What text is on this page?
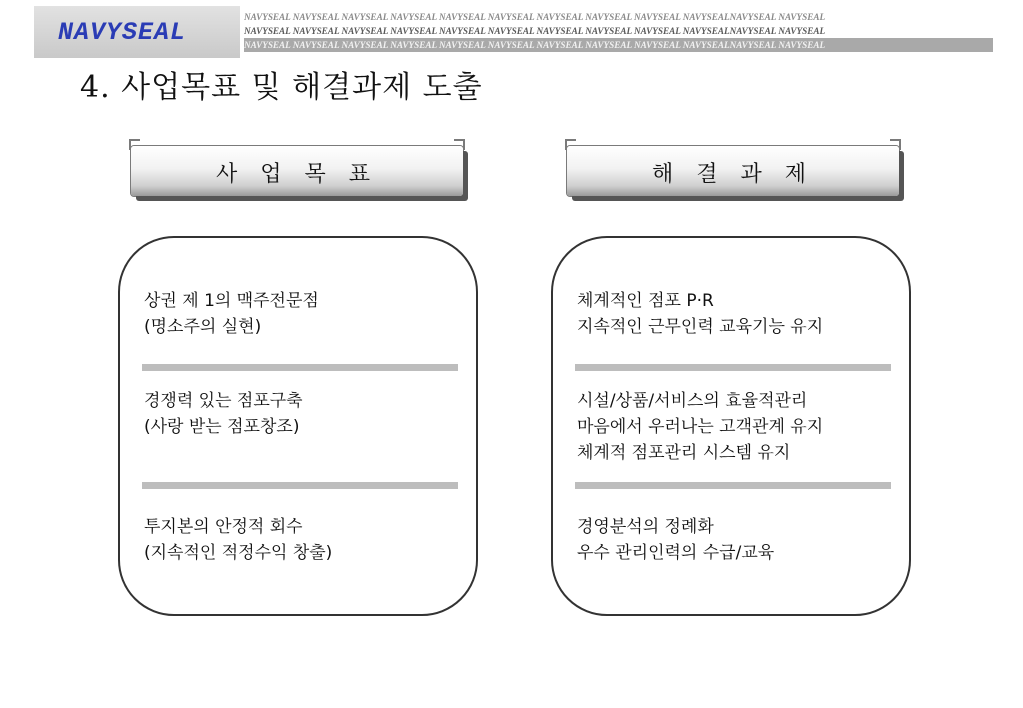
NAVYSEAL
NAVYSEAL NAVYSEAL NAVYSEAL NAVYSEAL NAVYSEAL NAVYSEAL NAVYSEAL NAVYSEAL NAVYSEAL NAVYSEALNAVYSEAL NAVYSEAL
NAVYSEAL NAVYSEAL NAVYSEAL NAVYSEAL NAVYSEAL NAVYSEAL NAVYSEAL NAVYSEAL NAVYSEAL NAVYSEALNAVYSEAL NAVYSEAL
NAVYSEAL NAVYSEAL NAVYSEAL NAVYSEAL NAVYSEAL NAVYSEAL NAVYSEAL NAVYSEAL NAVYSEAL NAVYSEALNAVYSEAL NAVYSEAL
4. 사업목표 및 해결과제 도출
사 업 목 표	해 결 과 제
상권 제 1의 맥주전문점
(명소주의 실현)
경쟁력 있는 점포구축
(사랑 받는 점포창조)
투지본의 안정적 회수
(지속적인 적정수익 창출)
체계적인 점포 P·R
지속적인 근무인력 교육기능 유지
시설/상품/서비스의 효율적관리
마음에서 우러나는 고객관계 유지
체계적 점포관리 시스템 유지
경영분석의 정례화
우수 관리인력의 수급/교육
